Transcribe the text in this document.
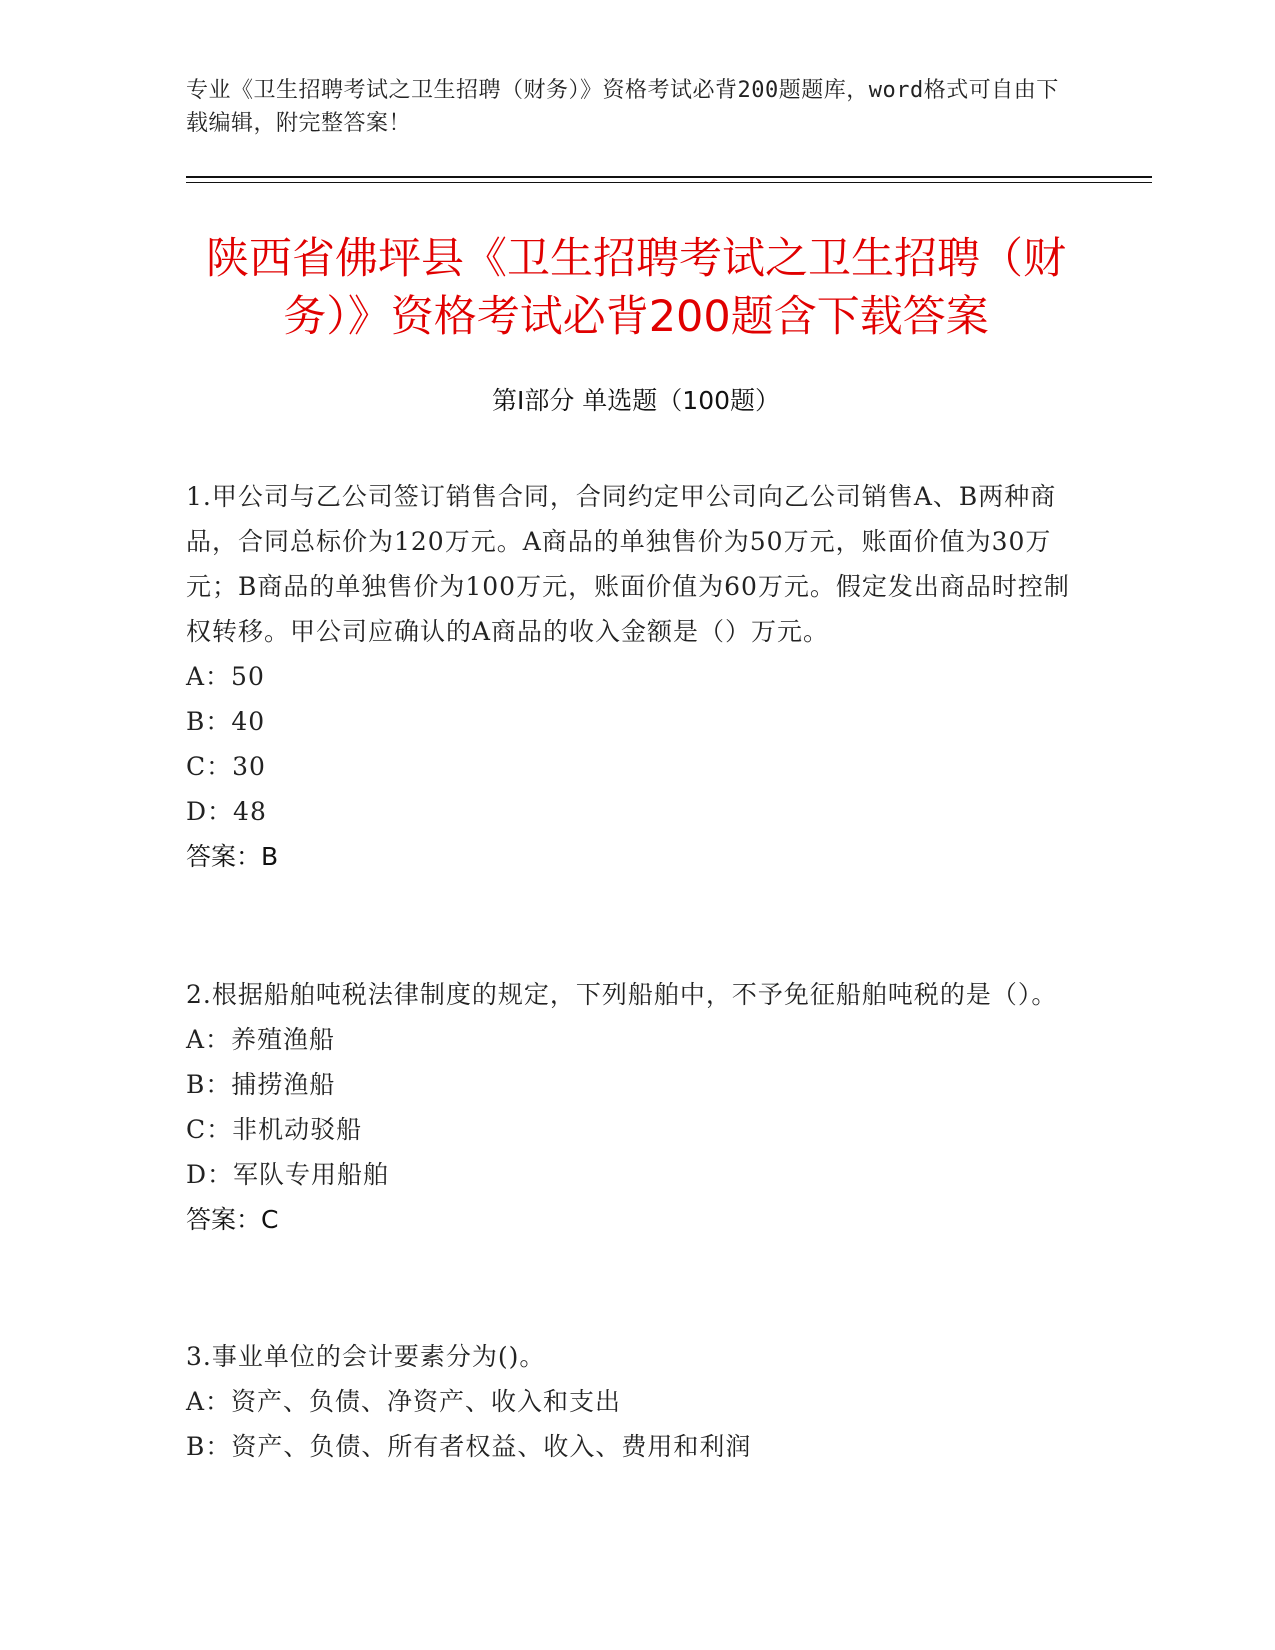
专业《卫生招聘考试之卫生招聘（财务）》资格考试必背200题题库，word格式可自由下载编辑，附完整答案！
陕西省佛坪县《卫生招聘考试之卫生招聘（财务）》资格考试必背200题含下载答案
第Ⅰ部分 单选题（100题）
1.甲公司与乙公司签订销售合同，合同约定甲公司向乙公司销售A、B两种商品，合同总标价为120万元。A商品的单独售价为50万元，账面价值为30万元；B商品的单独售价为100万元，账面价值为60万元。假定发出商品时控制权转移。甲公司应确认的A商品的收入金额是（）万元。
A：50
B：40
C：30
D：48
答案：B
2.根据船舶吨税法律制度的规定，下列船舶中，不予免征船舶吨税的是（）。
A：养殖渔船
B：捕捞渔船
C：非机动驳船
D：军队专用船舶
答案：C
3.事业单位的会计要素分为()。
A：资产、负债、净资产、收入和支出
B：资产、负债、所有者权益、收入、费用和利润
